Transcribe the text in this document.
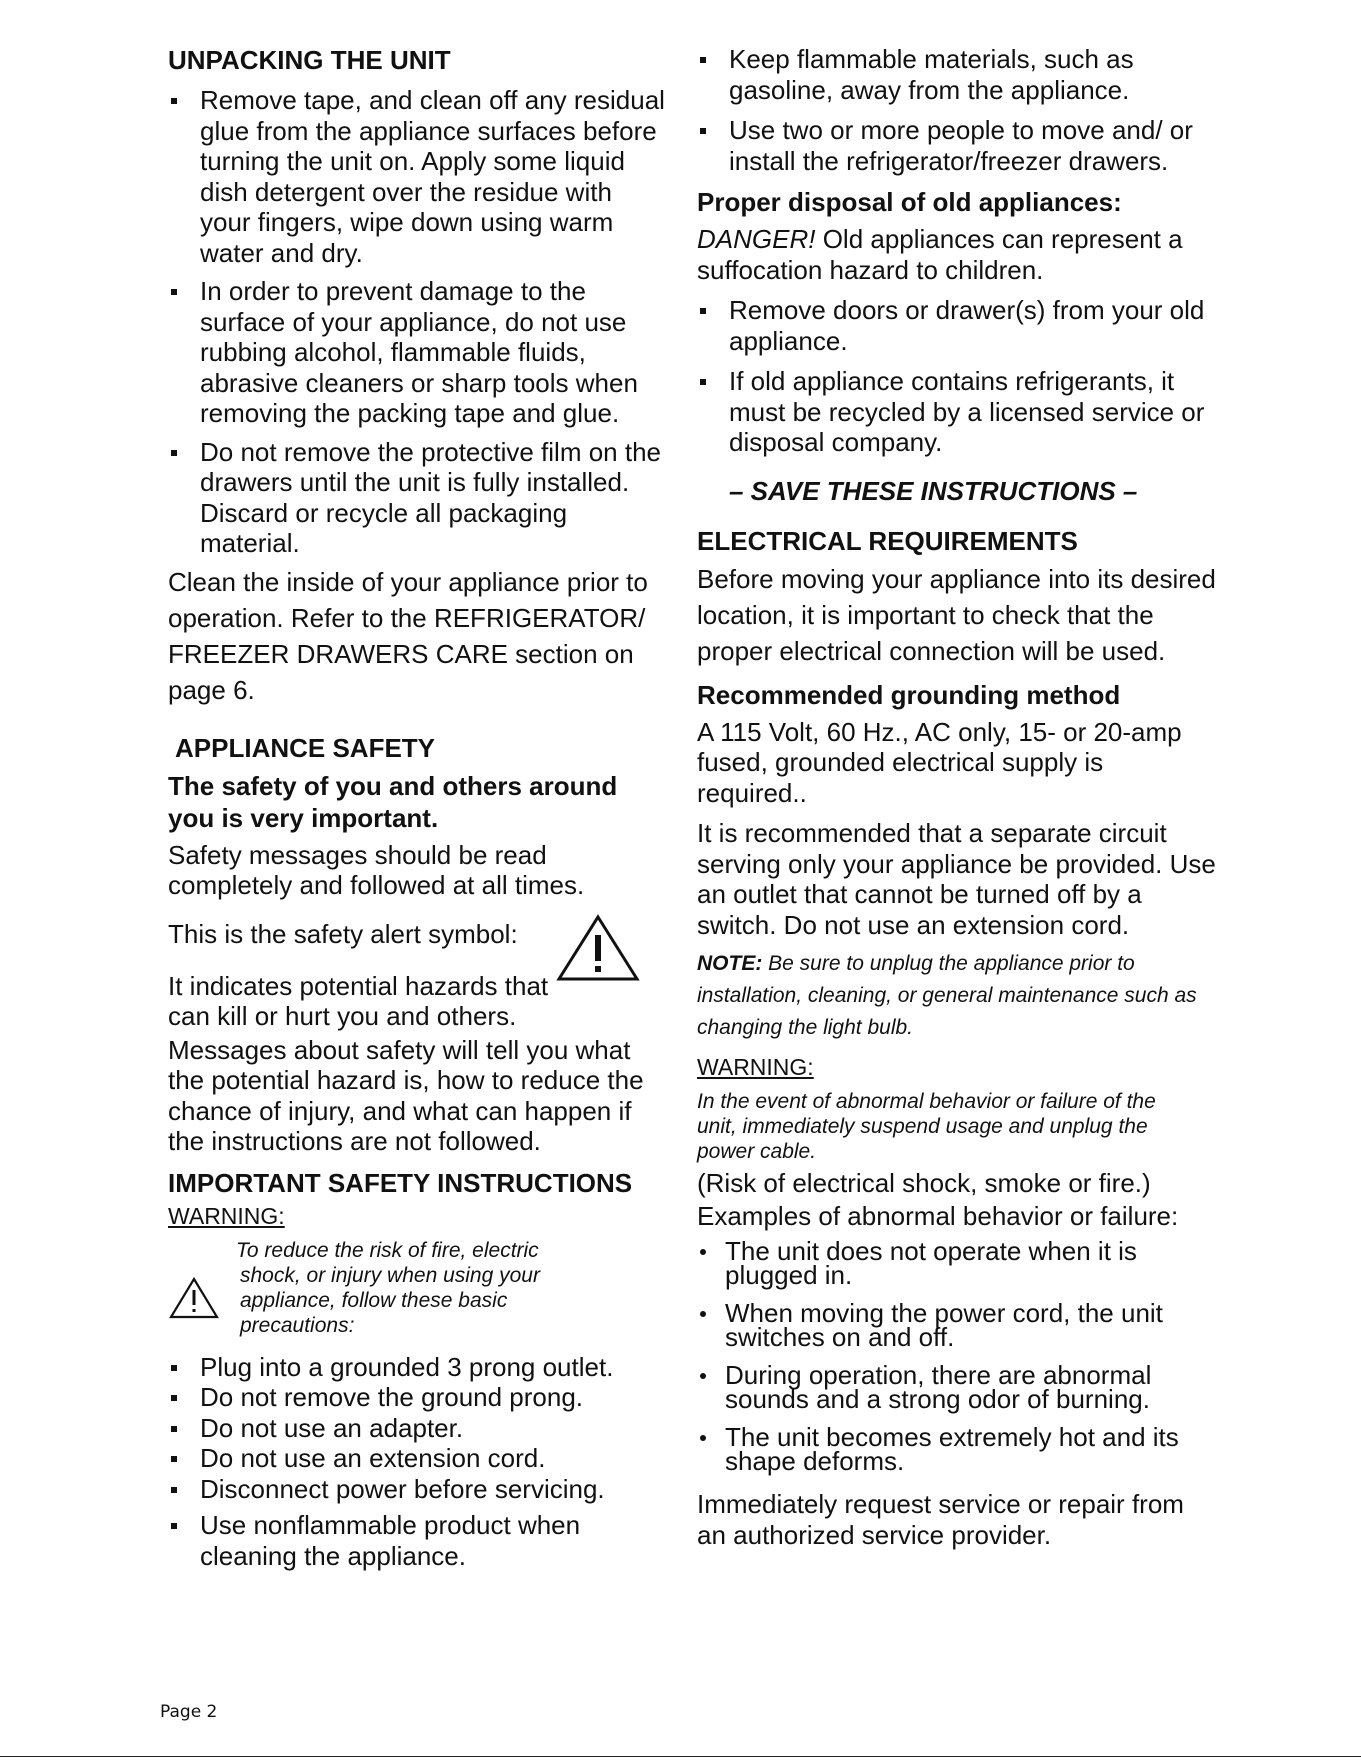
UNPACKING THE UNIT
Remove tape, and clean off any residual glue from the appliance surfaces before turning the unit on. Apply some liquid dish detergent over the residue with your fingers, wipe down using warm water and dry.
In order to prevent damage to the surface of your appliance, do not use rubbing alcohol, flammable fluids, abrasive cleaners or sharp tools when removing the packing tape and glue.
Do not remove the protective film on the drawers until the unit is fully installed. Discard or recycle all packaging material.

Clean the inside of your appliance prior to operation. Refer to the REFRIGERATOR/ FREEZER DRAWERS CARE section on page 6.

APPLIANCE SAFETY
The safety of you and others around you is very important.

Safety messages should be read completely and followed at all times.

This is the safety alert symbol:
It indicates potential hazards that can kill or hurt you and others.

Messages about safety will tell you what the potential hazard is, how to reduce the chance of injury, and what can happen if the instructions are not followed.

IMPORTANT SAFETY INSTRUCTIONS
WARNING:

To reduce the risk of fire, electric shock, or injury when using your appliance, follow these basic precautions:

Plug into a grounded 3 prong outlet.
Do not remove the ground prong.
Do not use an adapter.
Do not use an extension cord.
Disconnect power before servicing.
Use nonflammable product when cleaning the appliance.
Keep flammable materials, such as gasoline, away from the appliance.
Use two or more people to move and/ or install the refrigerator/freezer drawers.
Proper disposal of old appliances:

DANGER! Old appliances can represent a suffocation hazard to children.

Remove doors or drawer(s) from your old appliance.
If old appliance contains refrigerants, it must be recycled by a licensed service or disposal company.
– SAVE THESE INSTRUCTIONS –
ELECTRICAL REQUIREMENTS

Before moving your appliance into its desired location, it is important to check that the proper electrical connection will be used.

Recommended grounding method

A 115 Volt, 60 Hz., AC only, 15- or 20-amp fused, grounded electrical supply is required..

It is recommended that a separate circuit serving only your appliance be provided. Use an outlet that cannot be turned off by a switch. Do not use an extension cord.

NOTE: Be sure to unplug the appliance prior to installation, cleaning, or general maintenance such as changing the light bulb.

WARNING:

In the event of abnormal behavior or failure of the unit, immediately suspend usage and unplug the power cable.

(Risk of electrical shock, smoke or fire.)

Examples of abnormal behavior or failure:

The unit does not operate when it is plugged in.
When moving the power cord, the unit switches on and off.
During operation, there are abnormal sounds and a strong odor of burning.
The unit becomes extremely hot and its shape deforms.

Immediately request service or repair from an authorized service provider.

Page 2
